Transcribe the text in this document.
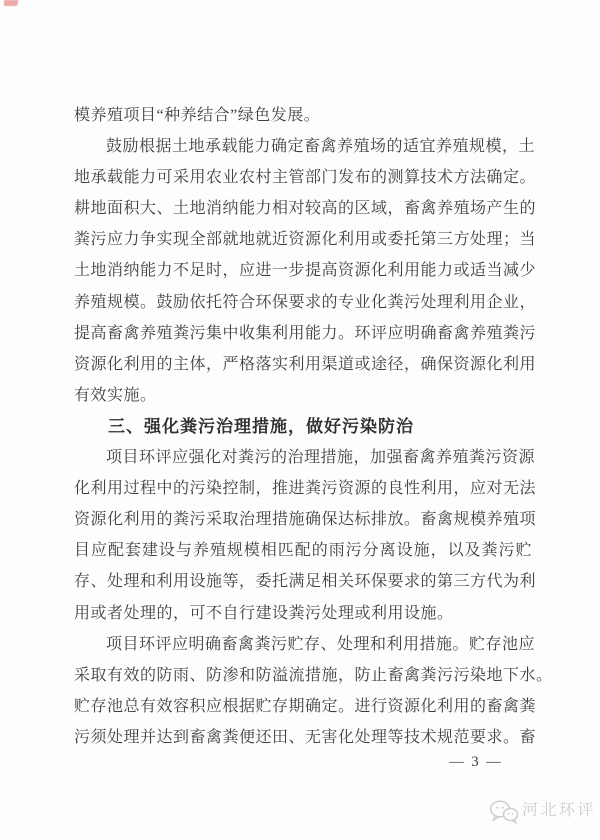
模养殖项目“种养结合”绿色发展。
鼓励根据土地承载能力确定畜禽养殖场的适宜养殖规模，土
地承载能力可采用农业农村主管部门发布的测算技术方法确定。
耕地面积大、土地消纳能力相对较高的区域，畜禽养殖场产生的
粪污应力争实现全部就地就近资源化利用或委托第三方处理；当
土地消纳能力不足时，应进一步提高资源化利用能力或适当减少
养殖规模。鼓励依托符合环保要求的专业化粪污处理利用企业，
提高畜禽养殖粪污集中收集利用能力。环评应明确畜禽养殖粪污
资源化利用的主体，严格落实利用渠道或途径，确保资源化利用
有效实施。
三、强化粪污治理措施，做好污染防治
项目环评应强化对粪污的治理措施，加强畜禽养殖粪污资源
化利用过程中的污染控制，推进粪污资源的良性利用，应对无法
资源化利用的粪污采取治理措施确保达标排放。畜禽规模养殖项
目应配套建设与养殖规模相匹配的雨污分离设施，以及粪污贮
存、处理和利用设施等，委托满足相关环保要求的第三方代为利
用或者处理的，可不自行建设粪污处理或利用设施。
项目环评应明确畜禽粪污贮存、处理和利用措施。贮存池应
采取有效的防雨、防渗和防溢流措施，防止畜禽粪污污染地下水。
贮存池总有效容积应根据贮存期确定。进行资源化利用的畜禽粪
污须处理并达到畜禽粪便还田、无害化处理等技术规范要求。畜
— 3 —
河北环评
